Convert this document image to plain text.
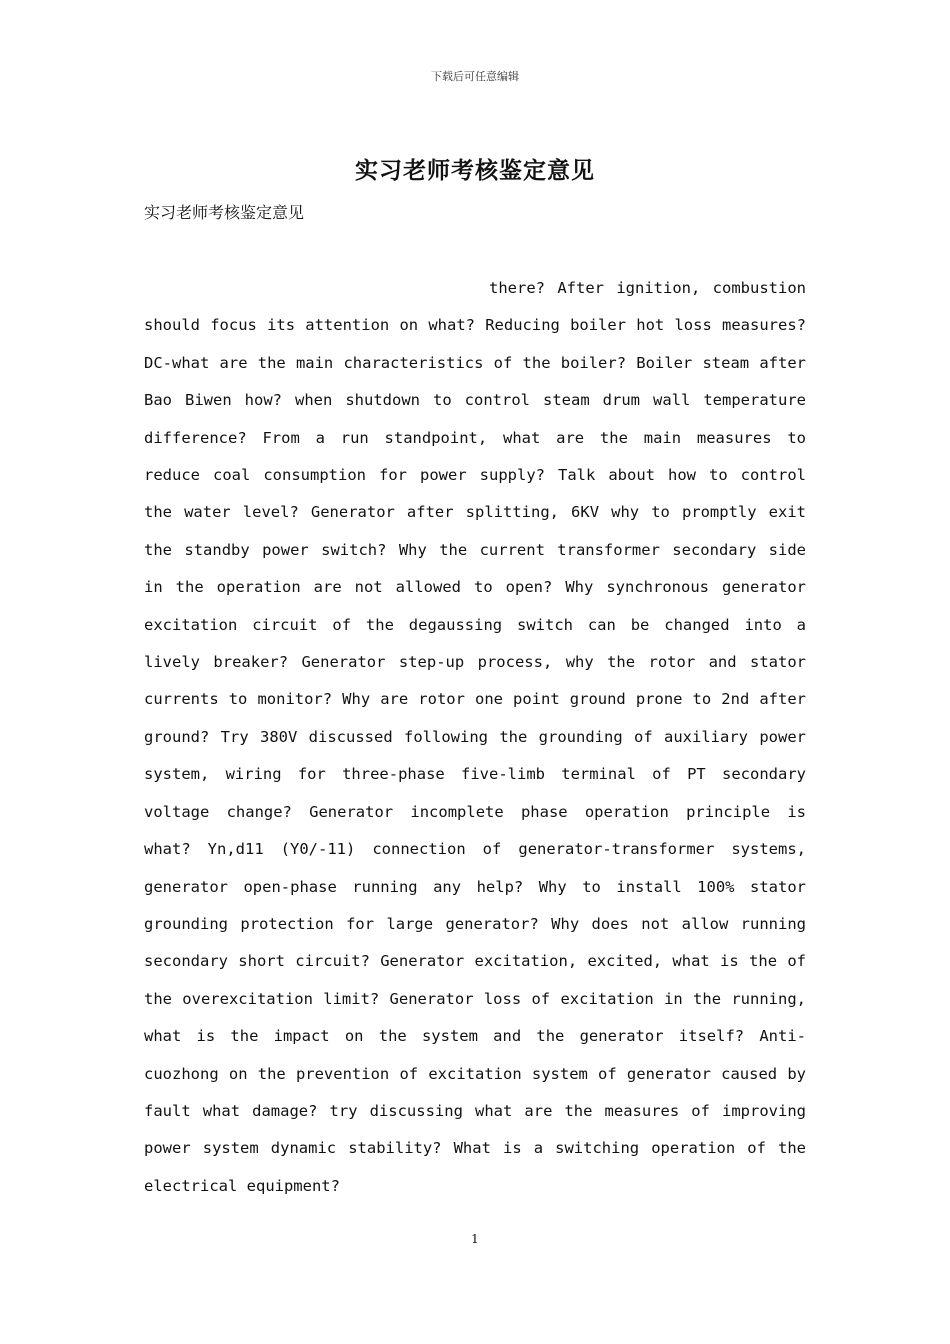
下载后可任意编辑
实习老师考核鉴定意见
实习老师考核鉴定意见
there? After ignition, combustion should focus its attention on what? Reducing boiler hot loss measures? DC-what are the main characteristics of the boiler? Boiler steam after Bao Biwen how? when shutdown to control steam drum wall temperature difference? From a run standpoint, what are the main measures to reduce coal consumption for power supply? Talk about how to control the water level? Generator after splitting, 6KV why to promptly exit the standby power switch? Why the current transformer secondary side in the operation are not allowed to open? Why synchronous generator excitation circuit of the degaussing switch can be changed into a lively breaker? Generator step-up process, why the rotor and stator currents to monitor? Why are rotor one point ground prone to 2nd after ground? Try 380V discussed following the grounding of auxiliary power system, wiring for three-phase five-limb terminal of PT secondary voltage change? Generator incomplete phase operation principle is what? Yn,d11 (Y0/-11) connection of generator-transformer systems, generator open-phase running any help? Why to install 100% stator grounding protection for large generator? Why does not allow running secondary short circuit? Generator excitation, excited, what is the of the overexcitation limit? Generator loss of excitation in the running, what is the impact on the system and the generator itself? Anti-cuozhong on the prevention of excitation system of generator caused by fault what damage? try discussing what are the measures of improving power system dynamic stability? What is a switching operation of the electrical equipment?
1
